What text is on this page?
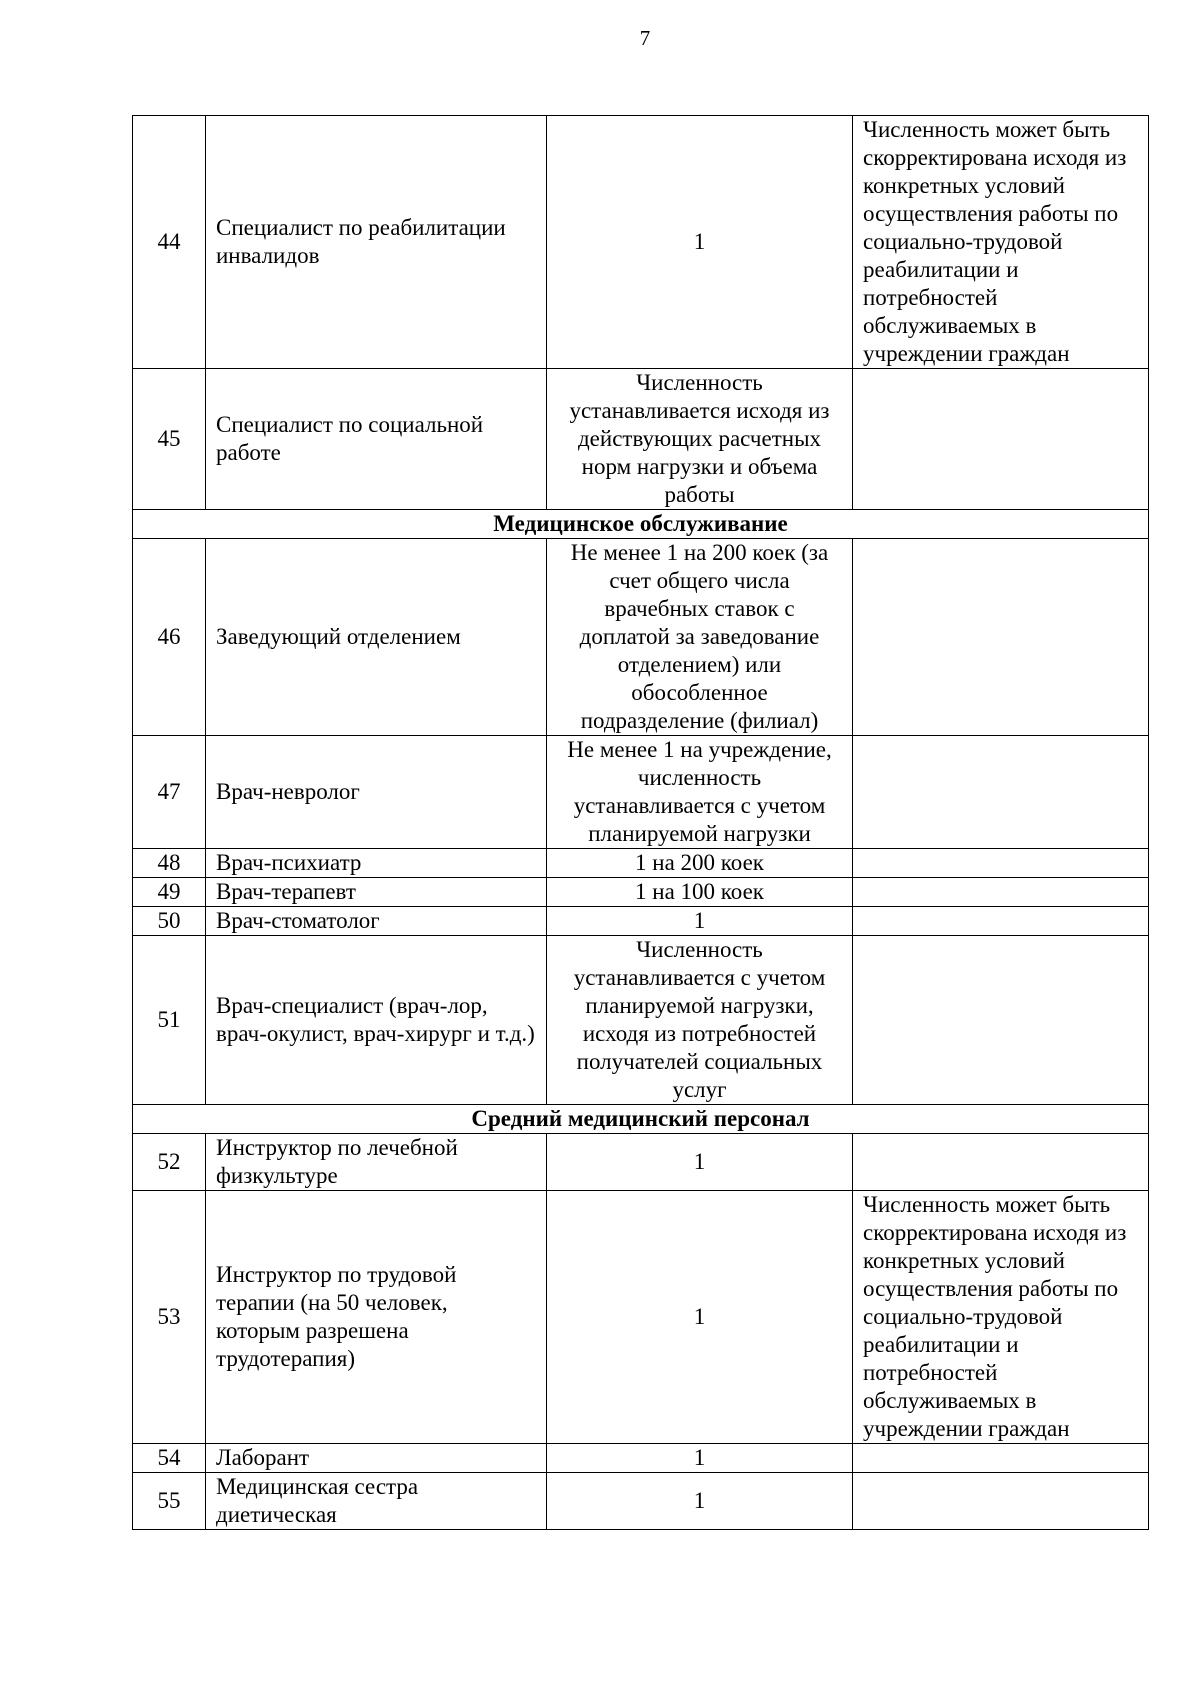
7
44	Специалист по реабилитации инвалидов	1	Численность может быть скорректирована исходя из конкретных условий осуществления работы по социально-трудовой реабилитации и потребностей обслуживаемых в учреждении граждан
45	Специалист по социальной работе	Численность устанавливается исходя из действующих расчетных норм нагрузки и объема работы	
Медицинское обслуживание			
46	Заведующий отделением	Не менее 1 на 200 коек (за счет общего числа врачебных ставок с доплатой за заведование отделением) или обособленное подразделение (филиал)	
47	Врач-невролог	Не менее 1 на учреждение, численность устанавливается с учетом планируемой нагрузки	
48	Врач-психиатр	1 на 200 коек	
49	Врач-терапевт	1 на 100 коек	
50	Врач-стоматолог	1	
51	Врач-специалист (врач-лор, врач-окулист, врач-хирург и т.д.)	Численность устанавливается с учетом планируемой нагрузки, исходя из потребностей получателей социальных услуг	
Средний медицинский персонал			
52	Инструктор по лечебной физкультуре	1	
53	Инструктор по трудовой терапии (на 50 человек, которым разрешена трудотерапия)	1	Численность может быть скорректирована исходя из конкретных условий осуществления работы по социально-трудовой реабилитации и потребностей обслуживаемых в учреждении граждан
54	Лаборант	1	
55	Медицинская сестра диетическая	1	
